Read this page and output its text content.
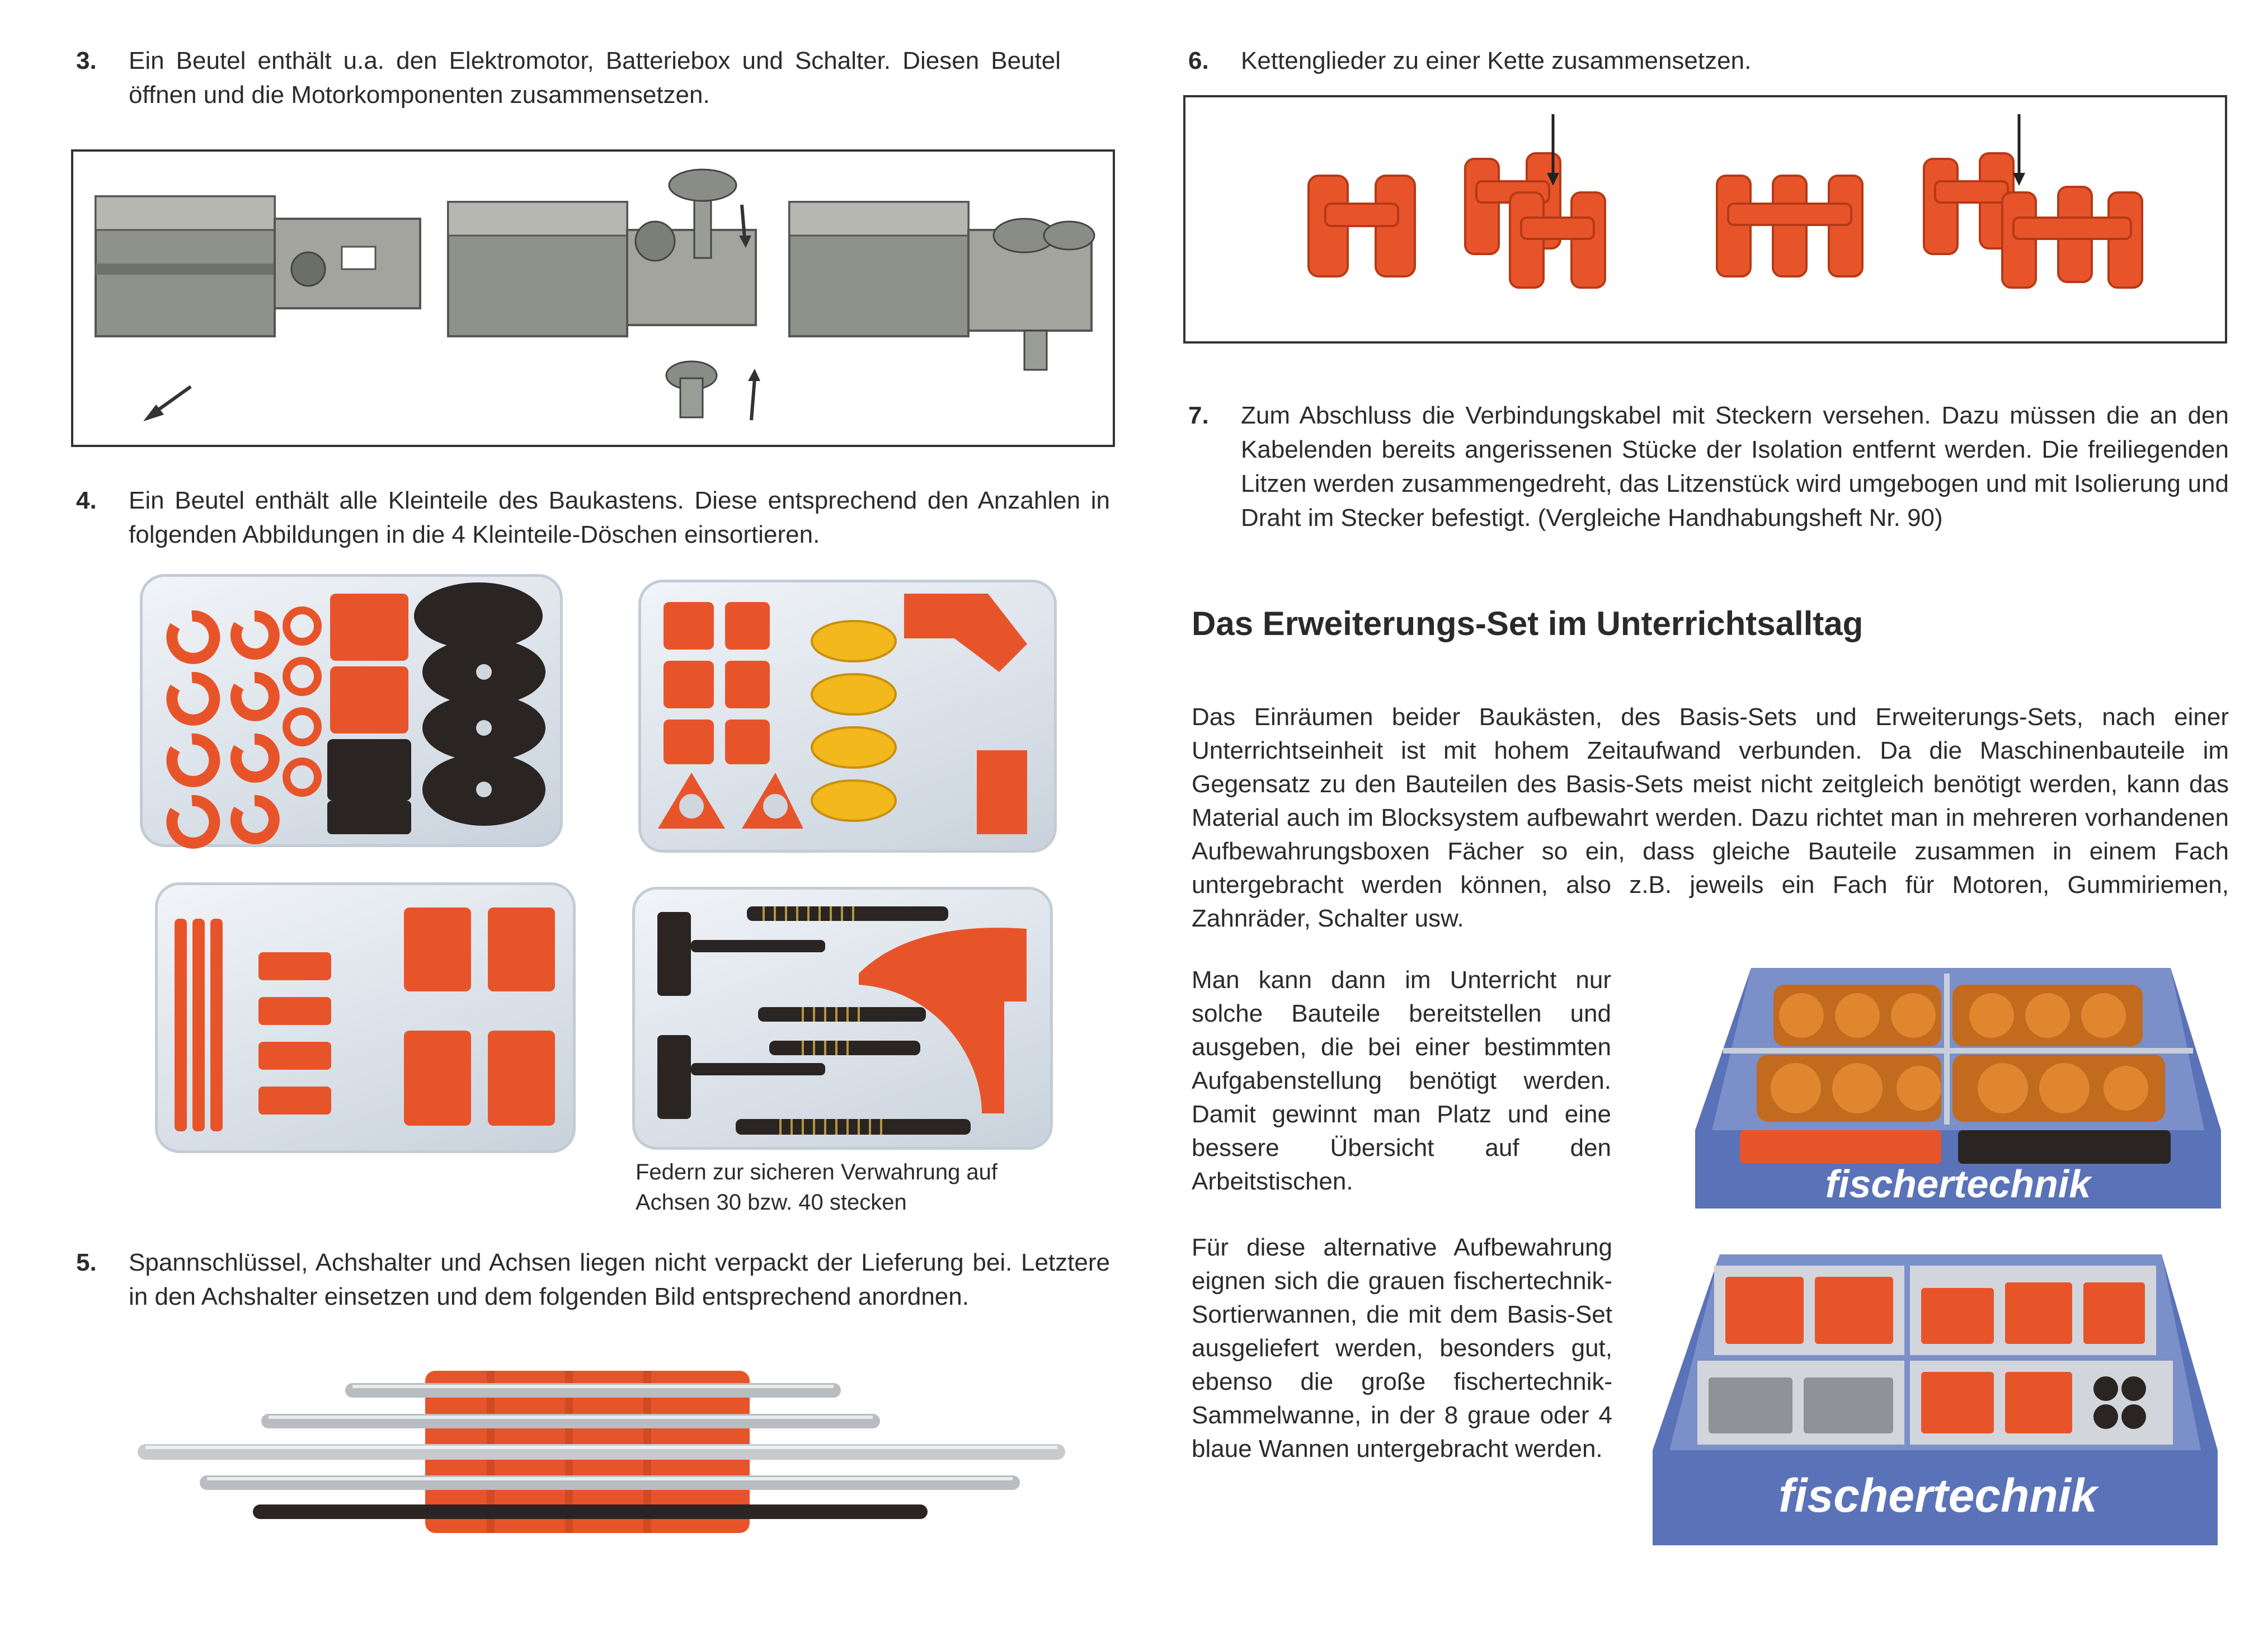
3. Ein Beutel enthält u.a. den Elektromotor, Batteriebox und Schalter. Diesen Beutel öffnen und die Motorkomponenten zusammensetzen.
4. Ein Beutel enthält alle Kleinteile des Baukastens. Diese entsprechend den Anzahlen in folgenden Abbildungen in die 4 Kleinteile-Döschen einsortieren.
Federn zur sicheren Verwahrung auf Achsen 30 bzw. 40 stecken
5. Spannschlüssel, Achshalter und Achsen liegen nicht verpackt der Lieferung bei. Letztere in den Achshalter einsetzen und dem folgenden Bild entsprechend anordnen.
6. Kettenglieder zu einer Kette zusammensetzen.
7. Zum Abschluss die Verbindungskabel mit Steckern versehen. Dazu müssen die an den Kabelenden bereits angerissenen Stücke der Isolation entfernt werden. Die freiliegenden Litzen werden zusammengedreht, das Litzenstück wird umgebogen und mit Isolierung und Draht im Stecker befestigt. (Vergleiche Handhabungsheft Nr. 90)
Das Erweiterungs-Set im Unterrichtsalltag
Das Einräumen beider Baukästen, des Basis-Sets und Erweiterungs-Sets, nach einer Unterrichtseinheit ist mit hohem Zeitaufwand verbunden. Da die Maschinenbauteile im Gegensatz zu den Bauteilen des Basis-Sets meist nicht zeitgleich benötigt werden, kann das Material auch im Blocksystem aufbewahrt werden. Dazu richtet man in mehreren vorhandenen Aufbewahrungsboxen Fächer so ein, dass gleiche Bauteile zusammen in einem Fach untergebracht werden können, also z.B. jeweils ein Fach für Motoren, Gummiriemen, Zahnräder, Schalter usw.
Man kann dann im Unterricht nur solche Bauteile bereitstellen und ausgeben, die bei einer bestimmten Aufgabenstellung benötigt werden. Damit gewinnt man Platz und eine bessere Übersicht auf den Arbeitstischen.
Für diese alternative Aufbewahrung eignen sich die grauen fischertechnik-Sortierwannen, die mit dem Basis-Set ausgeliefert werden, besonders gut, ebenso die große fischertechnik-Sammelwanne, in der 8 graue oder 4 blaue Wannen untergebracht werden.
fischertechnik
fischertechnik
